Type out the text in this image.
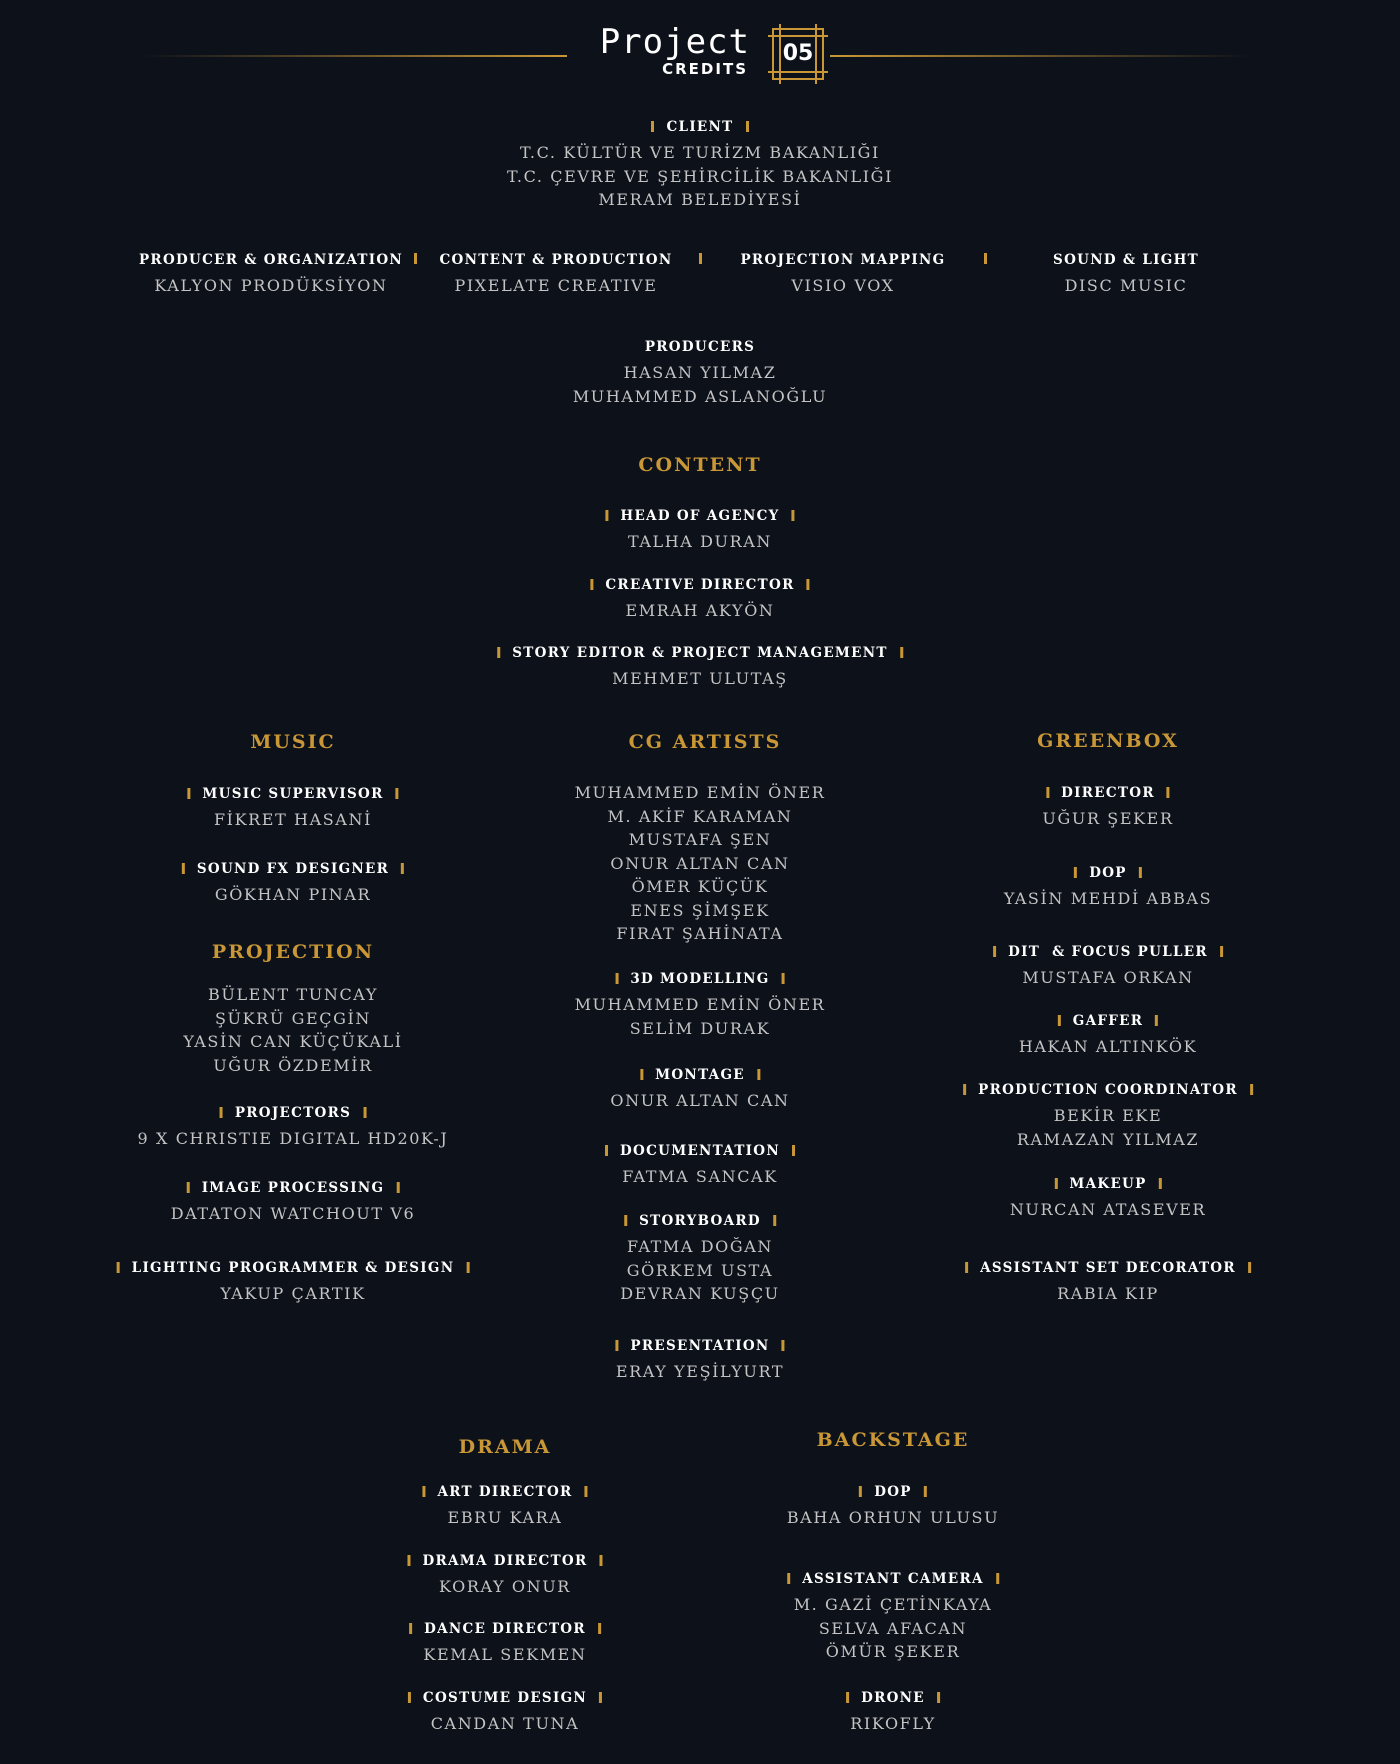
Project
CREDITS
05
CLIENT
T.C. KÜLTÜR VE TURİZM BAKANLIĞI
T.C. ÇEVRE VE ŞEHİRCİLİK BAKANLIĞI
MERAM BELEDİYESİ
PRODUCER & ORGANIZATION
KALYON PRODÜKSİYON
CONTENT & PRODUCTION
PIXELATE CREATIVE
PROJECTION MAPPING
VISIO VOX
SOUND & LIGHT
DISC MUSIC
PRODUCERS
HASAN YILMAZ
MUHAMMED ASLANOĞLU
CONTENT
HEAD OF AGENCY
TALHA DURAN
CREATIVE DIRECTOR
EMRAH AKYÖN
STORY EDITOR & PROJECT MANAGEMENT
MEHMET ULUTAŞ
MUSIC
MUSIC SUPERVISOR
FİKRET HASANİ
SOUND FX DESIGNER
GÖKHAN PINAR
PROJECTION
BÜLENT TUNCAY
ŞÜKRÜ GEÇGİN
YASİN CAN KÜÇÜKALİ
UĞUR ÖZDEMİR
PROJECTORS
9 X CHRISTIE DIGITAL HD20K-J
IMAGE PROCESSING
DATATON WATCHOUT V6
LIGHTING PROGRAMMER & DESIGN
YAKUP ÇARTIK
CG ARTISTS
MUHAMMED EMİN ÖNER
M. AKİF KARAMAN
MUSTAFA ŞEN
ONUR ALTAN CAN
ÖMER KÜÇÜK
ENES ŞİMŞEK
FIRAT ŞAHİNATA
3D MODELLING
MUHAMMED EMİN ÖNER
SELİM DURAK
MONTAGE
ONUR ALTAN CAN
DOCUMENTATION
FATMA SANCAK
STORYBOARD
FATMA DOĞAN
GÖRKEM USTA
DEVRAN KUŞÇU
PRESENTATION
ERAY YEŞİLYURT
GREENBOX
DIRECTOR
UĞUR ŞEKER
DOP
YASİN MEHDİ ABBAS
DIT  & FOCUS PULLER
MUSTAFA ORKAN
GAFFER
HAKAN ALTINKÖK
PRODUCTION COORDINATOR
BEKİR EKE
RAMAZAN YILMAZ
MAKEUP
NURCAN ATASEVER
ASSISTANT SET DECORATOR
RABIA KIP
DRAMA
ART DIRECTOR
EBRU KARA
DRAMA DIRECTOR
KORAY ONUR
DANCE DIRECTOR
KEMAL SEKMEN
COSTUME DESIGN
CANDAN TUNA
BACKSTAGE
DOP
BAHA ORHUN ULUSU
ASSISTANT CAMERA
M. GAZİ ÇETİNKAYA
SELVA AFACAN
ÖMÜR ŞEKER
DRONE
RIKOFLY
